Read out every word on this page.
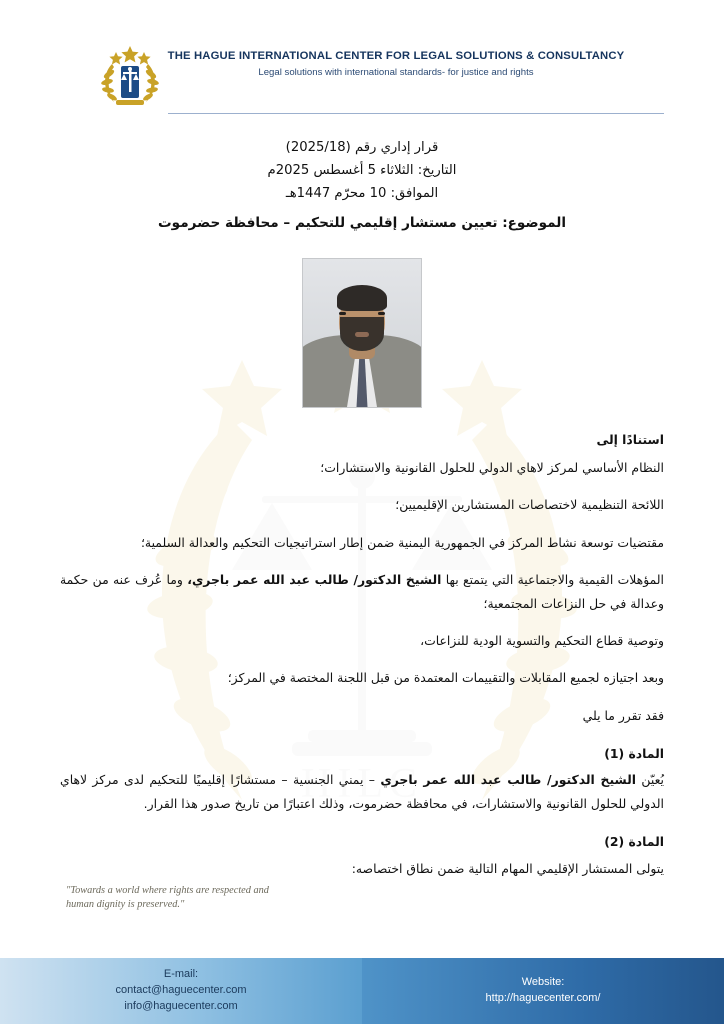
HILC
THE HAGUE INTERNATIONAL CENTER FOR LEGAL SOLUTIONS & CONSULTANCY
Legal solutions with international standards- for justice and rights
قرار إداري رقم (2025/18)
التاريخ: الثلاثاء 5 أغسطس 2025م
الموافق: 10 محرّم 1447هـ
الموضوع: تعيين مستشار إقليمي للتحكيم – محافظة حضرموت

استنادًا إلى

النظام الأساسي لمركز لاهاي الدولي للحلول القانونية والاستشارات؛

اللائحة التنظيمية لاختصاصات المستشارين الإقليميين؛

مقتضيات توسعة نشاط المركز في الجمهورية اليمنية ضمن إطار استراتيجيات التحكيم والعدالة السلمية؛

المؤهلات القيمية والاجتماعية التي يتمتع بها الشيخ الدكتور/ طالب عبد الله عمر باجري، وما عُرف عنه من حكمة وعدالة في حل النزاعات المجتمعية؛

وتوصية قطاع التحكيم والتسوية الودية للنزاعات،

وبعد اجتيازه لجميع المقابلات والتقييمات المعتمدة من قبل اللجنة المختصة في المركز؛

فقد تقرر ما يلي

المادة (1)

يُعيّن الشيخ الدكتور/ طالب عبد الله عمر باجري – يمني الجنسية – مستشارًا إقليميًا للتحكيم لدى مركز لاهاي الدولي للحلول القانونية والاستشارات، في محافظة حضرموت، وذلك اعتبارًا من تاريخ صدور هذا القرار.

المادة (2)

يتولى المستشار الإقليمي المهام التالية ضمن نطاق اختصاصه:

"Towards a world where rights are respected and
human dignity is preserved."
E-mail:
contact@haguecenter.com
info@haguecenter.com
Website:
http://haguecenter.com/
